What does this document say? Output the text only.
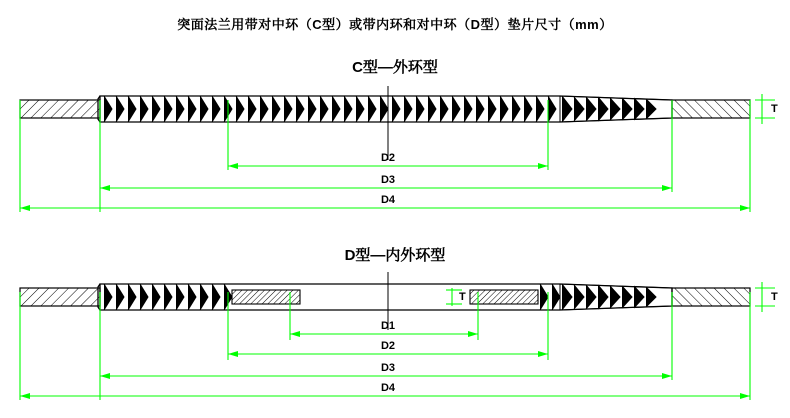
突面法兰用带对中环（C型）或带内环和对中环（D型）垫片尺寸（mm）
C型—外环型
D型—内外环型
D2
D3
D4
T
D1
D2
D3
D4
T
T
